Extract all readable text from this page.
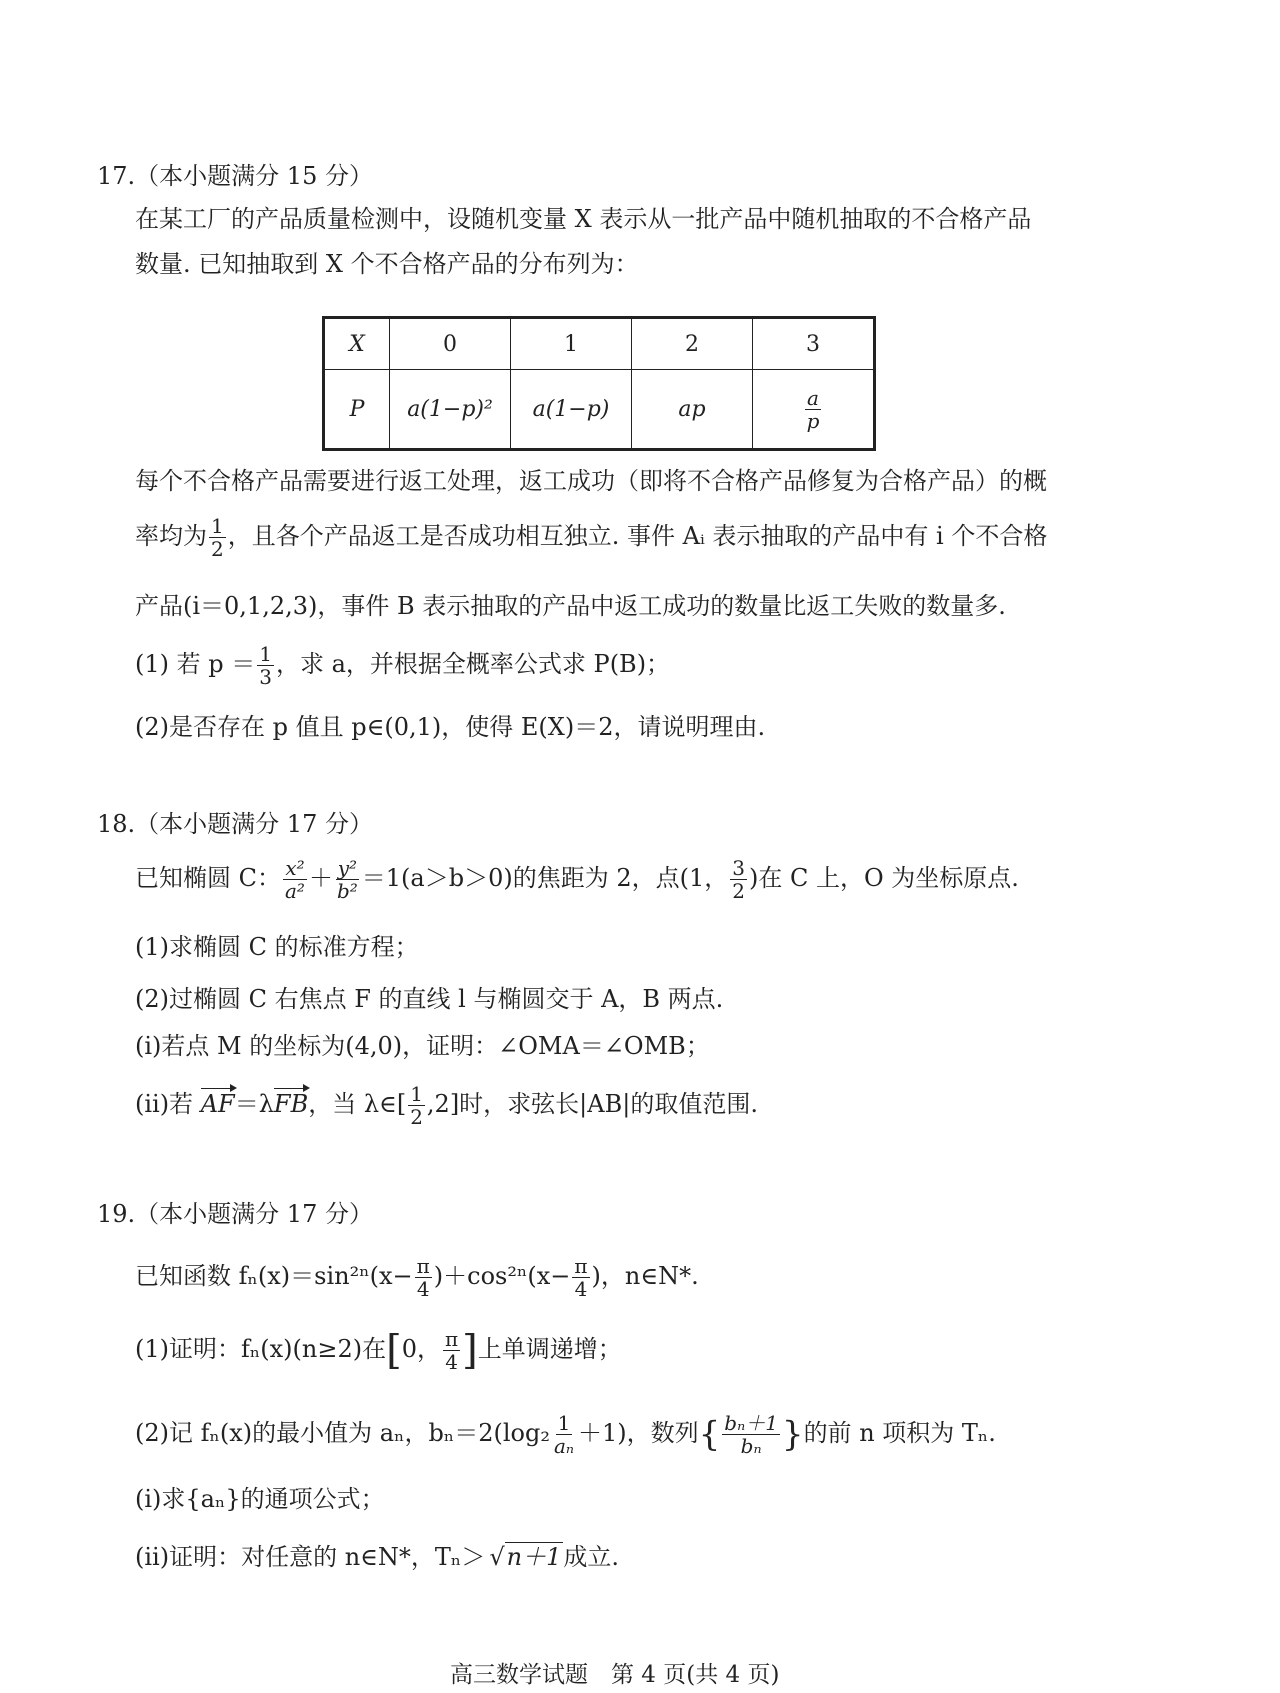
17.（本小题满分 15 分）
在某工厂的产品质量检测中，设随机变量 X 表示从一批产品中随机抽取的不合格产品
数量. 已知抽取到 X 个不合格产品的分布列为：
X	0	1	2	3
P	a(1−p)²	a(1−p)	ap	$\frac{a}{p}$
每个不合格产品需要进行返工处理，返工成功（即将不合格产品修复为合格产品）的概
率均为 $\frac{1}{2}$ ，且各个产品返工是否成功相互独立. 事件 Aᵢ 表示抽取的产品中有 i 个不合格
产品(i＝0,1,2,3)，事件 B 表示抽取的产品中返工成功的数量比返工失败的数量多.
(1) 若 $p = \frac{1}{3}$ ，求 a，并根据全概率公式求 P(B)；
(2)是否存在 p 值且 p∈(0,1)，使得 E(X)＝2，请说明理由.
18.（本小题满分 17 分）
已知椭圆 C： $\frac{\text{x²}}{\text{a²}} + \frac{\text{y²}}{\text{b²}} =1(a>b>0)$的焦距为 2，点(1， $\frac{3}{2}$ )在 C 上，O 为坐标原点.
(1)求椭圆 C 的标准方程；
(2)过椭圆 C 右焦点 F 的直线 l 与椭圆交于 A，B 两点.
(ⅰ)若点 M 的坐标为(4,0)，证明：∠OMA＝∠OMB；
(ⅱ)若 AF＝λFB，当 λ∈[ $\frac{1}{2} ,2$]时，求弦长|AB|的取值范围.
19.（本小题满分 17 分）
已知函数 $f_n(x)=\sin^{2n}(x- \frac{\pi}{4} )+\cos^{2n}(x- \frac{\pi}{4}$ )，n∈N*.
(1)证明：fₙ(x)(n≥2)在[0， $\frac{\pi}{4}$ ]上单调递增；
(2)记 fₙ(x)的最小值为 aₙ，$b_n=2(\log_2 \frac{1}{\text{aₙ}} +1)$，数列{ $\frac{\text{bₙ＋1}}{\text{bₙ}}$ }的前 n 项积为 Tₙ.
(ⅰ)求{aₙ}的通项公式；
(ⅱ)证明：对任意的 n∈N*，Tₙ＞ √n＋1成立.
高三数学试题　第 4 页(共 4 页)
